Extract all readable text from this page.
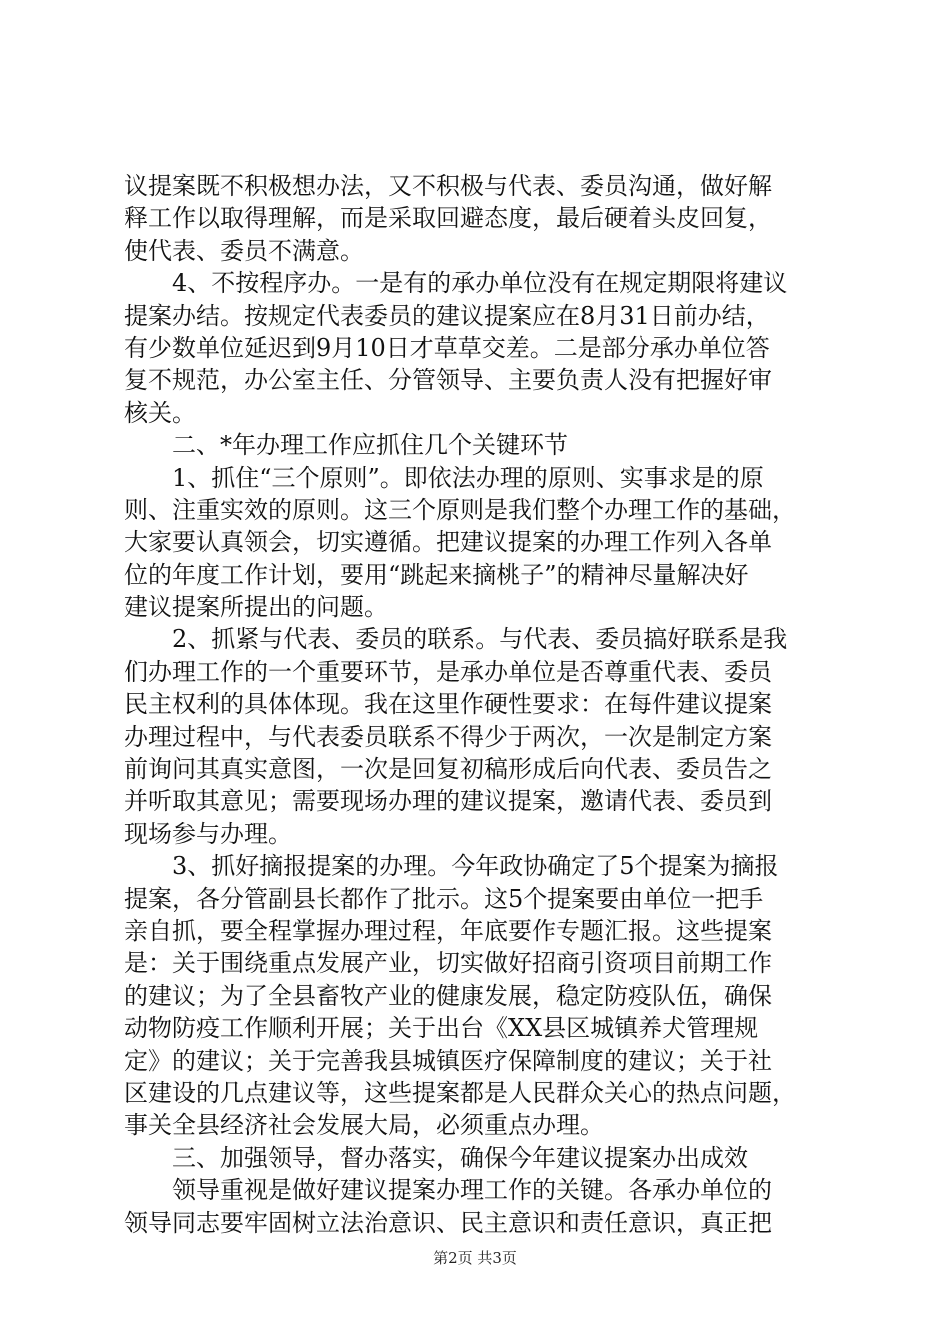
议提案既不积极想办法，又不积极与代表、委员沟通，做好解
释工作以取得理解，而是采取回避态度，最后硬着头皮回复，
使代表、委员不满意。
4、不按程序办。一是有的承办单位没有在规定期限将建议
提案办结。按规定代表委员的建议提案应在8月31日前办结，
有少数单位延迟到9月10日才草草交差。二是部分承办单位答
复不规范，办公室主任、分管领导、主要负责人没有把握好审
核关。
二、*年办理工作应抓住几个关键环节
1、抓住“三个原则”。即依法办理的原则、实事求是的原
则、注重实效的原则。这三个原则是我们整个办理工作的基础，
大家要认真领会，切实遵循。把建议提案的办理工作列入各单
位的年度工作计划，要用“跳起来摘桃子”的精神尽量解决好
建议提案所提出的问题。
2、抓紧与代表、委员的联系。与代表、委员搞好联系是我
们办理工作的一个重要环节，是承办单位是否尊重代表、委员
民主权利的具体体现。我在这里作硬性要求：在每件建议提案
办理过程中，与代表委员联系不得少于两次，一次是制定方案
前询问其真实意图，一次是回复初稿形成后向代表、委员告之
并听取其意见；需要现场办理的建议提案，邀请代表、委员到
现场参与办理。
3、抓好摘报提案的办理。今年政协确定了5个提案为摘报
提案，各分管副县长都作了批示。这5个提案要由单位一把手
亲自抓，要全程掌握办理过程，年底要作专题汇报。这些提案
是：关于围绕重点发展产业，切实做好招商引资项目前期工作
的建议；为了全县畜牧产业的健康发展，稳定防疫队伍，确保
动物防疫工作顺利开展；关于出台《XX县区城镇养犬管理规
定》的建议；关于完善我县城镇医疗保障制度的建议；关于社
区建设的几点建议等，这些提案都是人民群众关心的热点问题，
事关全县经济社会发展大局，必须重点办理。
三、加强领导，督办落实，确保今年建议提案办出成效
领导重视是做好建议提案办理工作的关键。各承办单位的
领导同志要牢固树立法治意识、民主意识和责任意识，真正把
第2页 共3页
